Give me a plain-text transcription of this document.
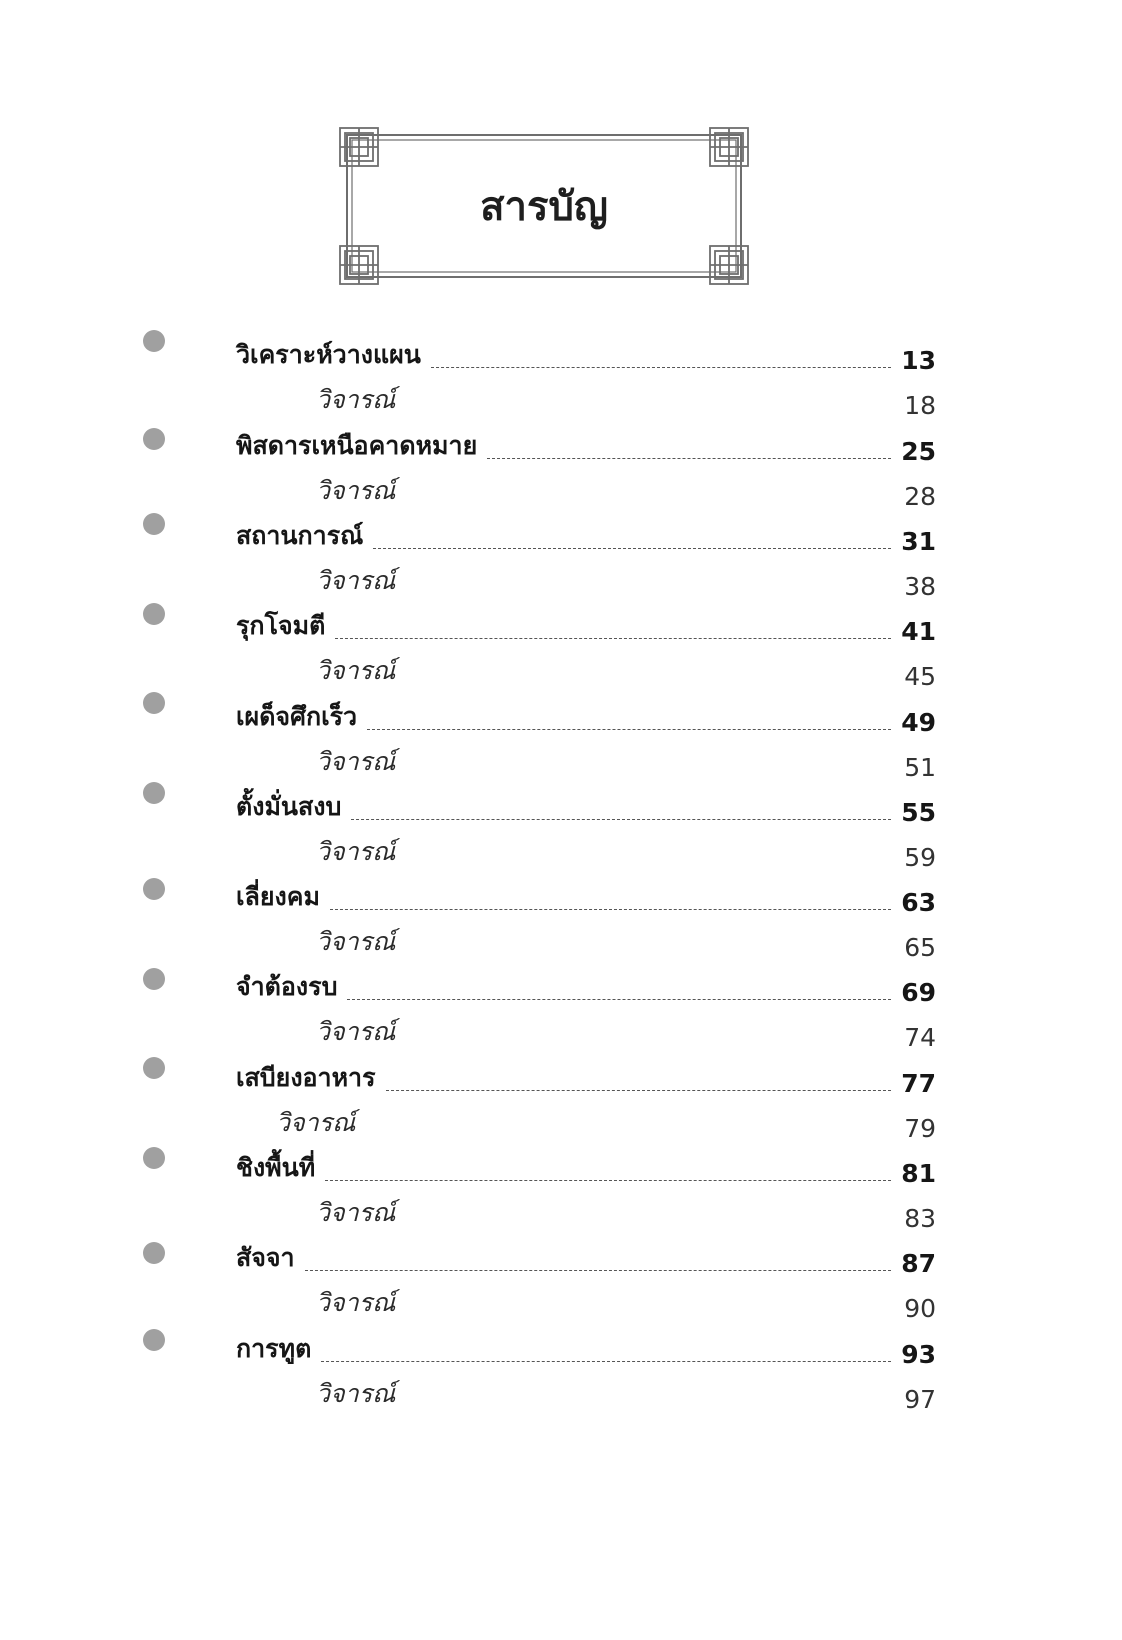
สารบัญ
วิเคราะห์วางแผน	13
วิจารณ์	18
พิสดารเหนือคาดหมาย	25
วิจารณ์	28
สถานการณ์	31
วิจารณ์	38
รุกโจมตี	41
วิจารณ์	45
เผด็จศึกเร็ว	49
วิจารณ์	51
ตั้งมั่นสงบ	55
วิจารณ์	59
เลี่ยงคม	63
วิจารณ์	65
จำต้องรบ	69
วิจารณ์	74
เสบียงอาหาร	77
วิจารณ์	79
ชิงพื้นที่	81
วิจารณ์	83
สัจจา	87
วิจารณ์	90
การทูต	93
วิจารณ์	97
